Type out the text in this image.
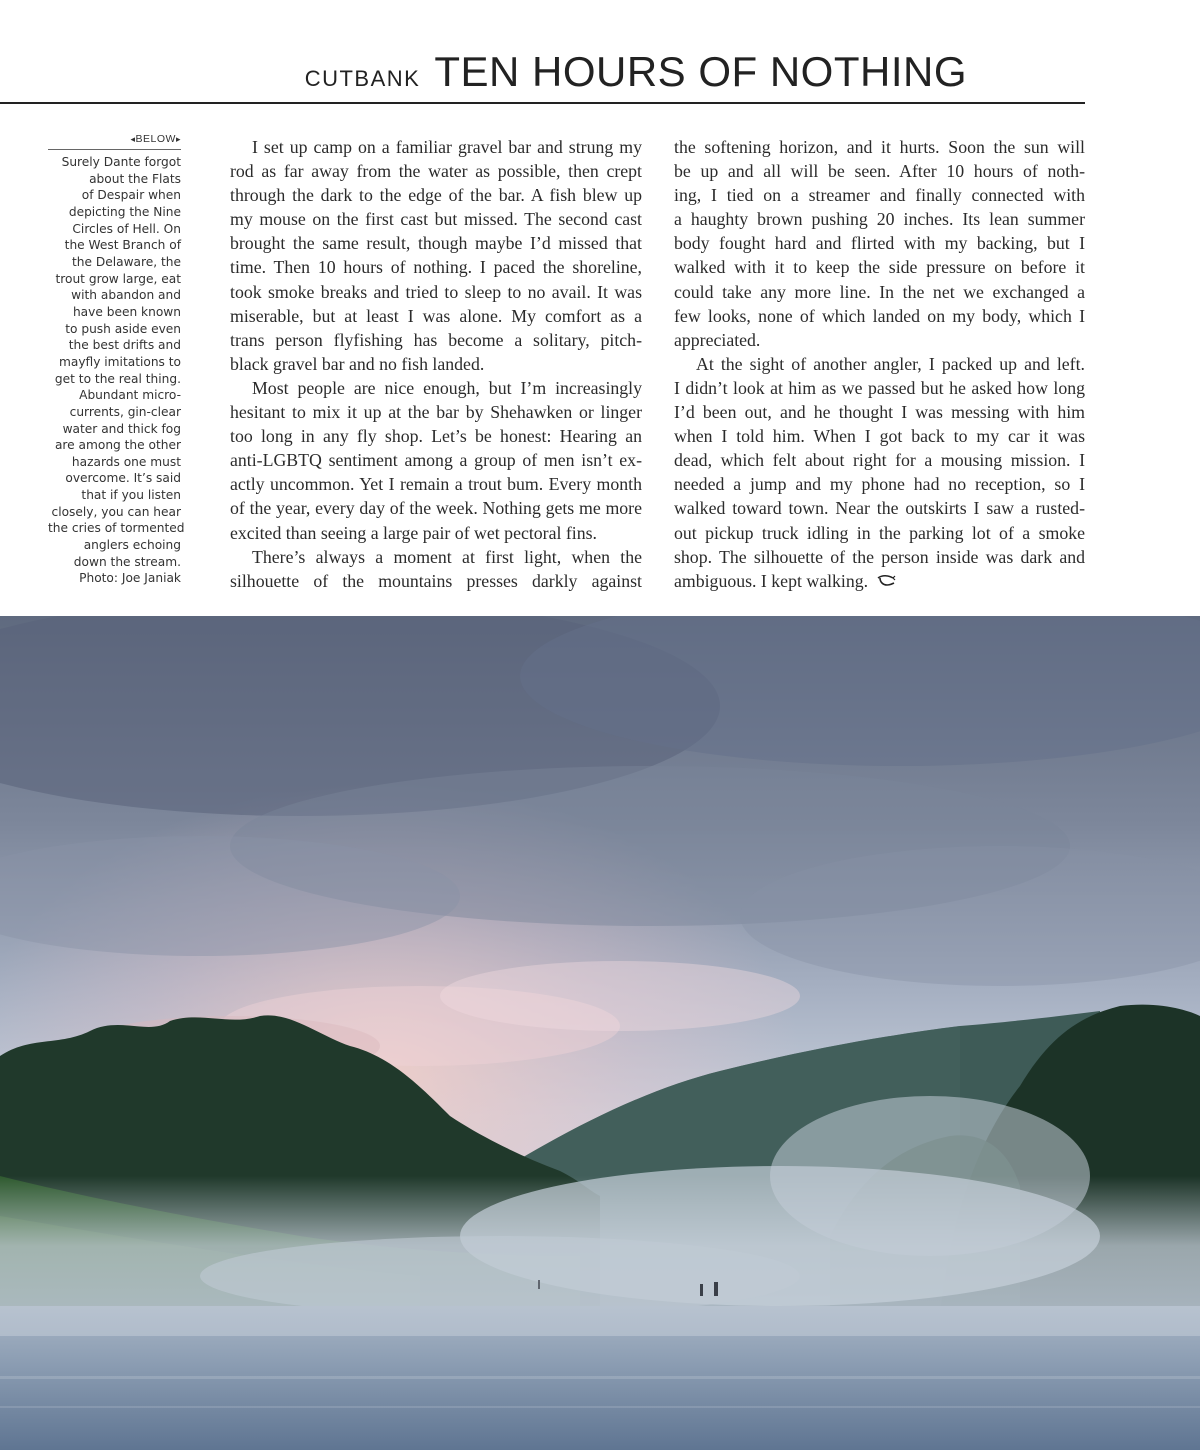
CUTBANK TEN HOURS OF NOTHING
◂BELOW▸
Surely Dante forgot
about the Flats
of Despair when
depicting the Nine
Circles of Hell. On
the West Branch of
the Delaware, the
trout grow large, eat
with abandon and
have been known
to push aside even
the best drifts and
mayfly imitations to
get to the real thing.
Abundant micro-
currents, gin-clear
water and thick fog
are among the other
hazards one must
overcome. It’s said
that if you listen
closely, you can hear
the cries of tormented
anglers echoing
down the stream.
Photo: Joe Janiak
I set up camp on a familiar gravel bar and strung my
rod as far away from the water as possible, then crept
through the dark to the edge of the bar. A fish blew up
my mouse on the first cast but missed. The second cast
brought the same result, though maybe I’d missed that
time. Then 10 hours of nothing. I paced the shoreline,
took smoke breaks and tried to sleep to no avail. It was
miserable, but at least I was alone. My comfort as a
trans person flyfishing has become a solitary, pitch-
black gravel bar and no fish landed.
Most people are nice enough, but I’m increasingly
hesitant to mix it up at the bar by Shehawken or linger
too long in any fly shop. Let’s be honest: Hearing an
anti-LGBTQ sentiment among a group of men isn’t ex-
actly uncommon. Yet I remain a trout bum. Every month
of the year, every day of the week. Nothing gets me more
excited than seeing a large pair of wet pectoral fins.
There’s always a moment at first light, when the
silhouette of the mountains presses darkly against
the softening horizon, and it hurts. Soon the sun will
be up and all will be seen. After 10 hours of noth-
ing, I tied on a streamer and finally connected with
a haughty brown pushing 20 inches. Its lean summer
body fought hard and flirted with my backing, but I
walked with it to keep the side pressure on before it
could take any more line. In the net we exchanged a
few looks, none of which landed on my body, which I
appreciated.
At the sight of another angler, I packed up and left.
I didn’t look at him as we passed but he asked how long
I’d been out, and he thought I was messing with him
when I told him. When I got back to my car it was
dead, which felt about right for a mousing mission. I
needed a jump and my phone had no reception, so I
walked toward town. Near the outskirts I saw a rusted-
out pickup truck idling in the parking lot of a smoke
shop. The silhouette of the person inside was dark and
ambiguous. I kept walking.
